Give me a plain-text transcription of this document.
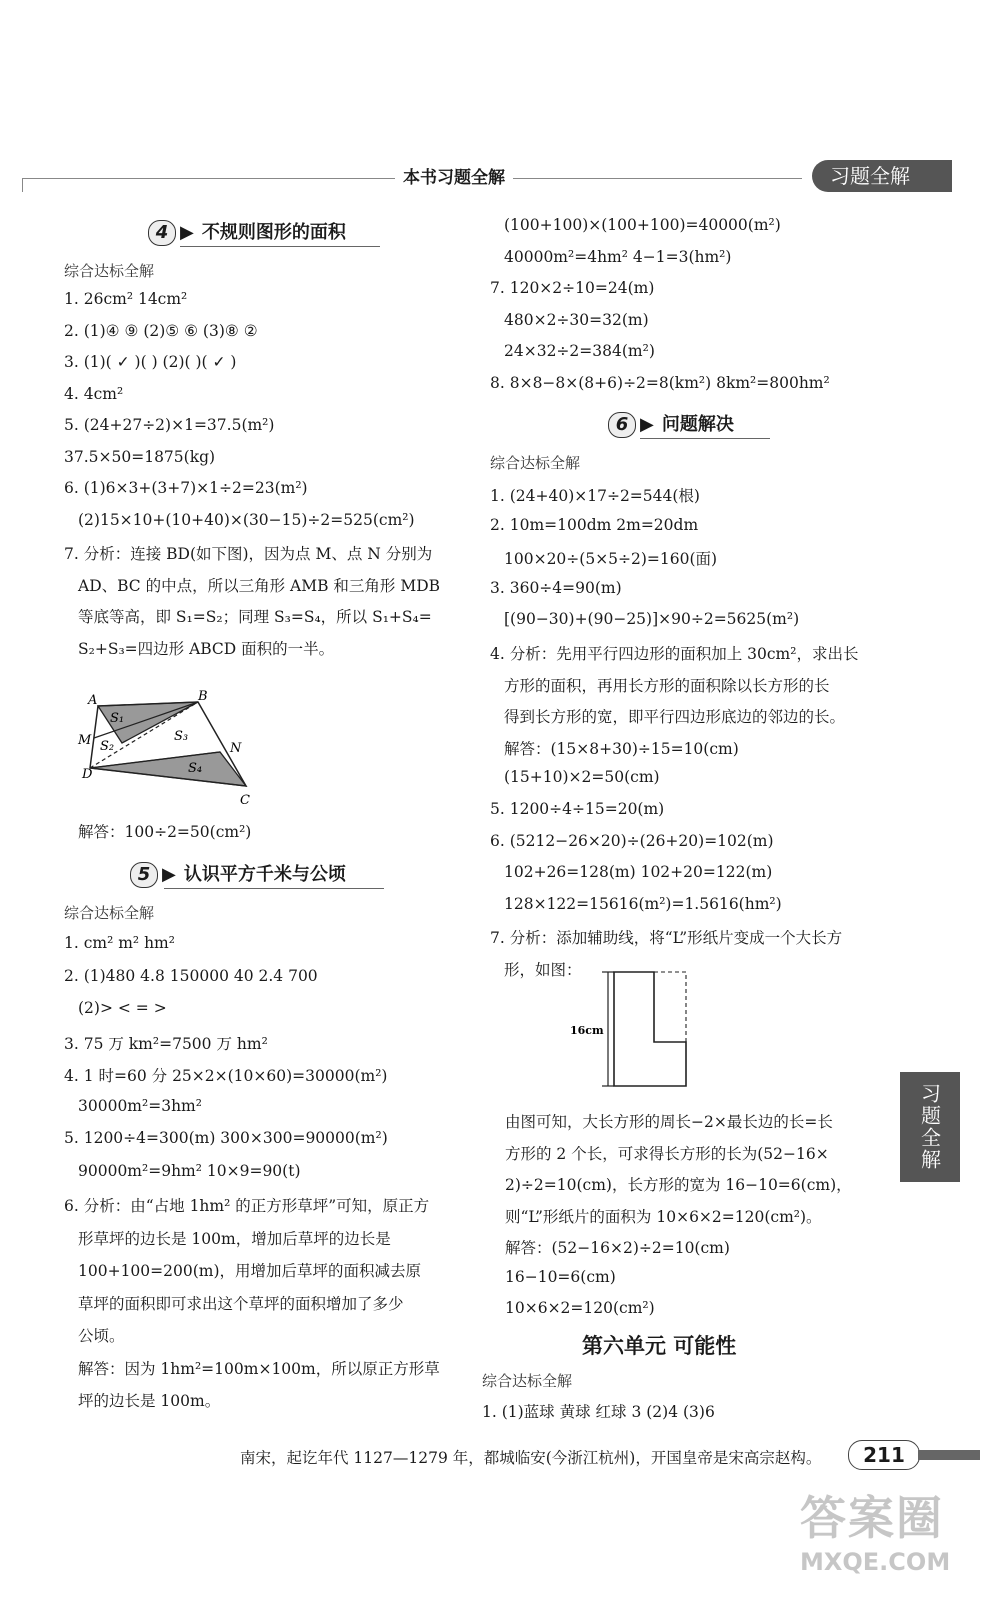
本书习题全解	习题全解
4 ▶ 不规则图形的面积
综合达标全解
1. 26cm² 14cm²
2. (1)④ ⑨ (2)⑤ ⑥ (3)⑧ ②
3. (1)( ✓ )( ) (2)( )( ✓ )
4. 4cm²
5. (24+27÷2)×1=37.5(m²)
37.5×50=1875(kg)
6. (1)6×3+(3+7)×1÷2=23(m²)
(2)15×10+(10+40)×(30−15)÷2=525(cm²)
7. 分析：连接 BD(如下图)，因为点 M、点 N 分别为
AD、BC 的中点，所以三角形 AMB 和三角形 MDB
等底等高，即 S₁=S₂；同理 S₃=S₄，所以 S₁+S₄=
S₂+S₃=四边形 ABCD 面积的一半。
A	B
M
N
D
C
S₁
S₂
S₃
S₄
解答：100÷2=50(cm²)
5 ▶ 认识平方千米与公顷
综合达标全解
1. cm² m² hm²
2. (1)480 4.8 150000 40 2.4 700
(2)> < = >
3. 75 万 km²=7500 万 hm²
4. 1 时=60 分 25×2×(10×60)=30000(m²)
30000m²=3hm²
5. 1200÷4=300(m) 300×300=90000(m²)
90000m²=9hm² 10×9=90(t)
6. 分析：由“占地 1hm² 的正方形草坪”可知，原正方
形草坪的边长是 100m，增加后草坪的边长是
100+100=200(m)，用增加后草坪的面积减去原
草坪的面积即可求出这个草坪的面积增加了多少
公顷。
解答：因为 1hm²=100m×100m，所以原正方形草
坪的边长是 100m。
(100+100)×(100+100)=40000(m²)
40000m²=4hm² 4−1=3(hm²)
7. 120×2÷10=24(m)
480×2÷30=32(m)
24×32÷2=384(m²)
8. 8×8−8×(8+6)÷2=8(km²) 8km²=800hm²
6 ▶ 问题解决
综合达标全解
1. (24+40)×17÷2=544(根)
2. 10m=100dm 2m=20dm
100×20÷(5×5÷2)=160(面)
3. 360÷4=90(m)
[(90−30)+(90−25)]×90÷2=5625(m²)
4. 分析：先用平行四边形的面积加上 30cm²，求出长
方形的面积，再用长方形的面积除以长方形的长
得到长方形的宽，即平行四边形底边的邻边的长。
解答：(15×8+30)÷15=10(cm)
(15+10)×2=50(cm)
5. 1200÷4÷15=20(m)
6. (5212−26×20)÷(26+20)=102(m)
102+26=128(m) 102+20=122(m)
128×122=15616(m²)=1.5616(hm²)
7. 分析：添加辅助线，将“L”形纸片变成一个大长方
形，如图：
16cm
由图可知，大长方形的周长−2×最长边的长=长
方形的 2 个长，可求得长方形的长为(52−16×
2)÷2=10(cm)，长方形的宽为 16−10=6(cm)，
则“L”形纸片的面积为 10×6×2=120(cm²)。
解答：(52−16×2)÷2=10(cm)
16−10=6(cm)
10×6×2=120(cm²)
第六单元 可能性
综合达标全解
1. (1)蓝球 黄球 红球 3 (2)4 (3)6
习题全解
南宋，起讫年代 1127—1279 年，都城临安(今浙江杭州)，开国皇帝是宋高宗赵构。	211
答案圈
MXQE.COM
